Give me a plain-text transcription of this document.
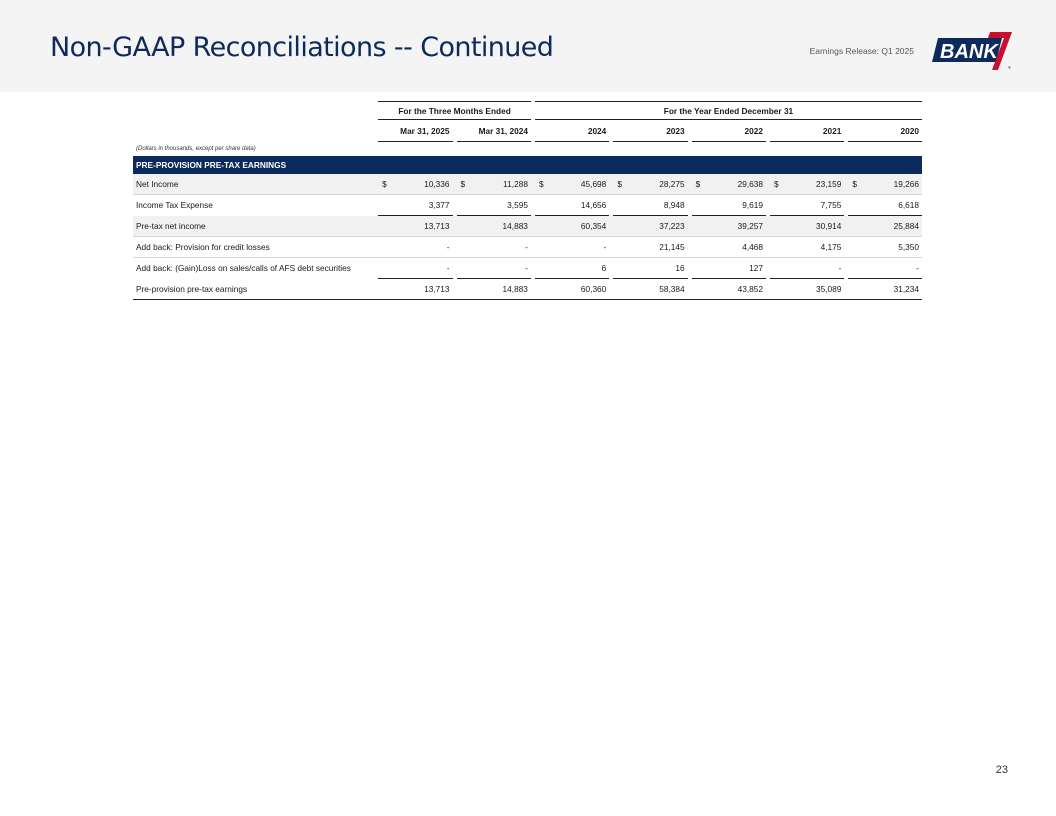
Non-GAAP Reconciliations -- Continued	Earnings Release: Q1 2025 BANK
®
	For the Three Months Ended						For the Year Ended December 31													
	Mar 31, 2025			Mar 31, 2024			2024			2023			2022			2021			2020	
(Dollars in thousands, except per share data)																				
PRE-PROVISION PRE-TAX EARNINGS																				
Net Income	$	10,336		$	11,288		$	45,698		$	28,275		$	29,638		$	23,159		$	19,266
Income Tax Expense		3,377			3,595			14,656			8,948			9,619			7,755			6,618
Pre-tax net income		13,713			14,883			60,354			37,223			39,257			30,914			25,884
Add back: Provision for credit losses		-			-			-			21,145			4,468			4,175			5,350
Add back: (Gain)Loss on sales/calls of AFS debt securities		-			-			6			16			127			-			-
Pre-provision pre-tax earnings		13,713			14,883			60,360			58,384			43,852			35,089			31,234
23
